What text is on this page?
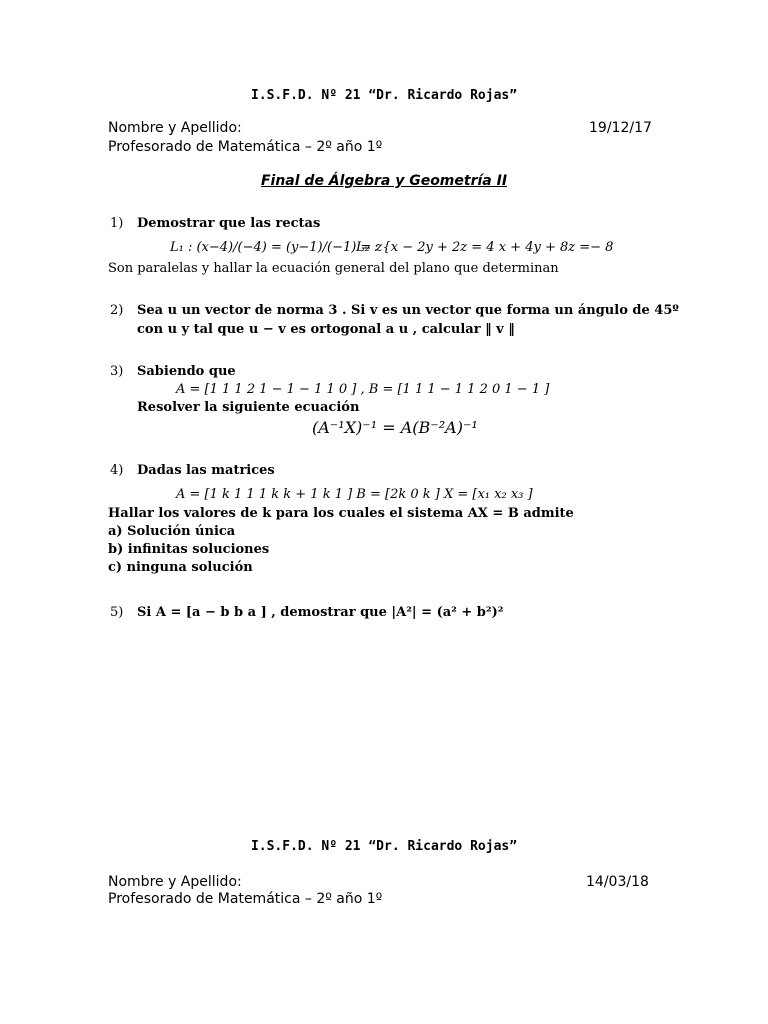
I.S.F.D. Nº 21 “Dr. Ricardo Rojas”
Nombre y Apellido:	19/12/17
Profesorado de Matemática – 2º año 1º
Final de Álgebra y Geometría II
1) Demostrar que las rectas
L₁ : (x−4)/(−4) = (y−1)/(−1) = z
L₂ : {x − 2y + 2z = 4 x + 4y + 8z =− 8
Son paralelas y hallar la ecuación general del plano que determinan
2) Sea u un vector de norma 3 . Si v es un vector que forma un ángulo de 45º
con u y tal que u − v es ortogonal a u , calcular ‖ v ‖
3) Sabiendo que
A = [1 1 1 2 1 − 1 − 1 1 0 ] , B = [1 1 1 − 1 1 2 0 1 − 1 ]
Resolver la siguiente ecuación
(A⁻¹X)⁻¹ = A(B⁻²A)⁻¹
4) Dadas las matrices
A = [1 k 1 1 1 k k + 1 k 1 ] B = [2k 0 k ] X = [x₁ x₂ x₃ ]
Hallar los valores de k para los cuales el sistema AX = B admite
a) Solución única
b) infinitas soluciones
c) ninguna solución
5) Si A = [a − b b a ] , demostrar que |A²| = (a² + b²)²
I.S.F.D. Nº 21 “Dr. Ricardo Rojas”
Nombre y Apellido:	14/03/18
Profesorado de Matemática – 2º año 1º
